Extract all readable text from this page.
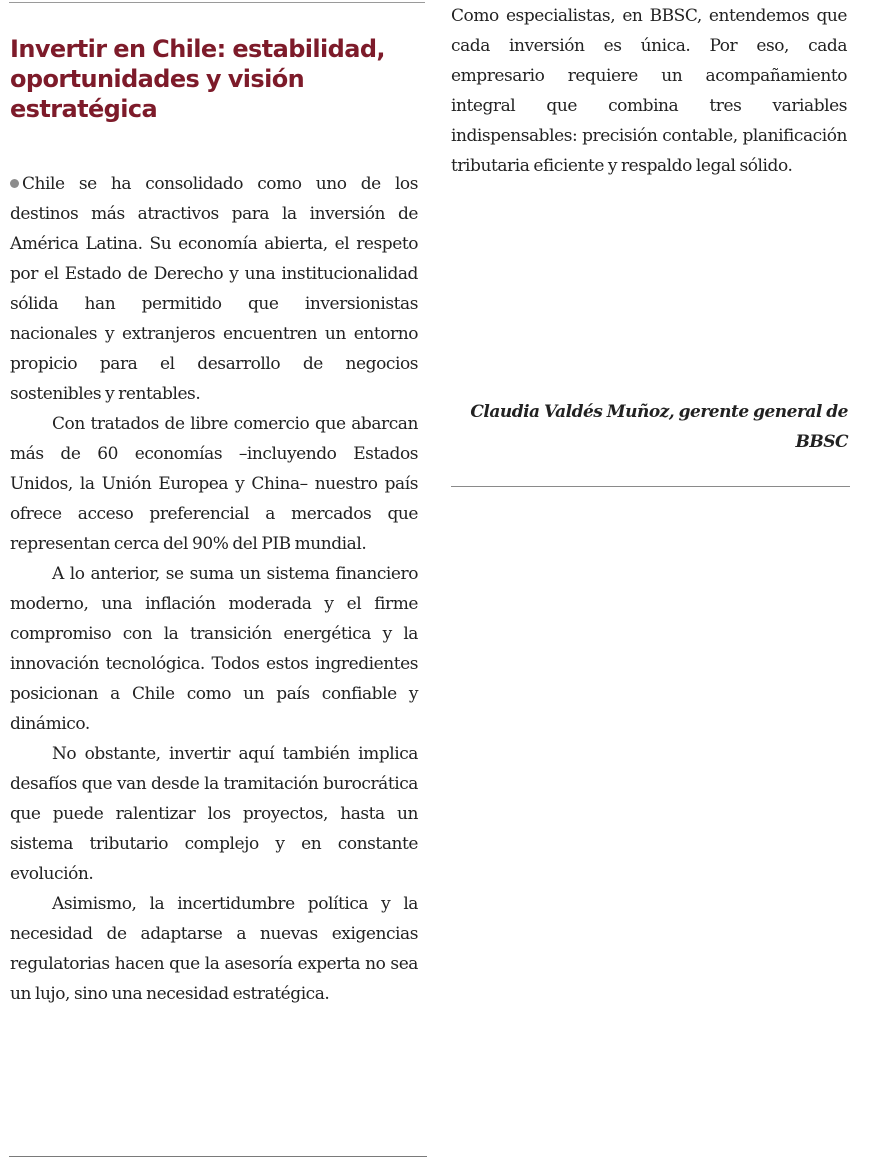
Invertir en Chile: estabilidad, oportunidades y visión estratégica

Chile se ha consolidado como uno de los destinos más atractivos para la inversión de América Latina. Su economía abierta, el respeto por el Estado de Derecho y una institucionalidad sólida han permitido que inversionistas nacionales y extranjeros encuentren un entorno propicio para el desarrollo de negocios sostenibles y rentables.

Con tratados de libre comercio que abarcan más de 60 economías –incluyendo Estados Unidos, la Unión Europea y China– nuestro país ofrece acceso preferencial a mercados que representan cerca del 90% del PIB mundial.

A lo anterior, se suma un sistema financiero moderno, una inflación moderada y el firme compromiso con la transición energética y la innovación tecnológica. Todos estos ingredientes posicionan a Chile como un país confiable y dinámico.

No obstante, invertir aquí también implica desafíos que van desde la tramitación burocrática que puede ralentizar los proyectos, hasta un sistema tributario complejo y en constante evolución.

Asimismo, la incertidumbre política y la necesidad de adaptarse a nuevas exigencias regulatorias hacen que la asesoría experta no sea un lujo, sino una necesidad estratégica.

Como especialistas, en BBSC, entendemos que cada inversión es única. Por eso, cada empresario requiere un acompañamiento integral que combina tres variables indispensables: precisión contable, planificación tributaria eficiente y respaldo legal sólido.

Claudia Valdés Muñoz, gerente general de BBSC
